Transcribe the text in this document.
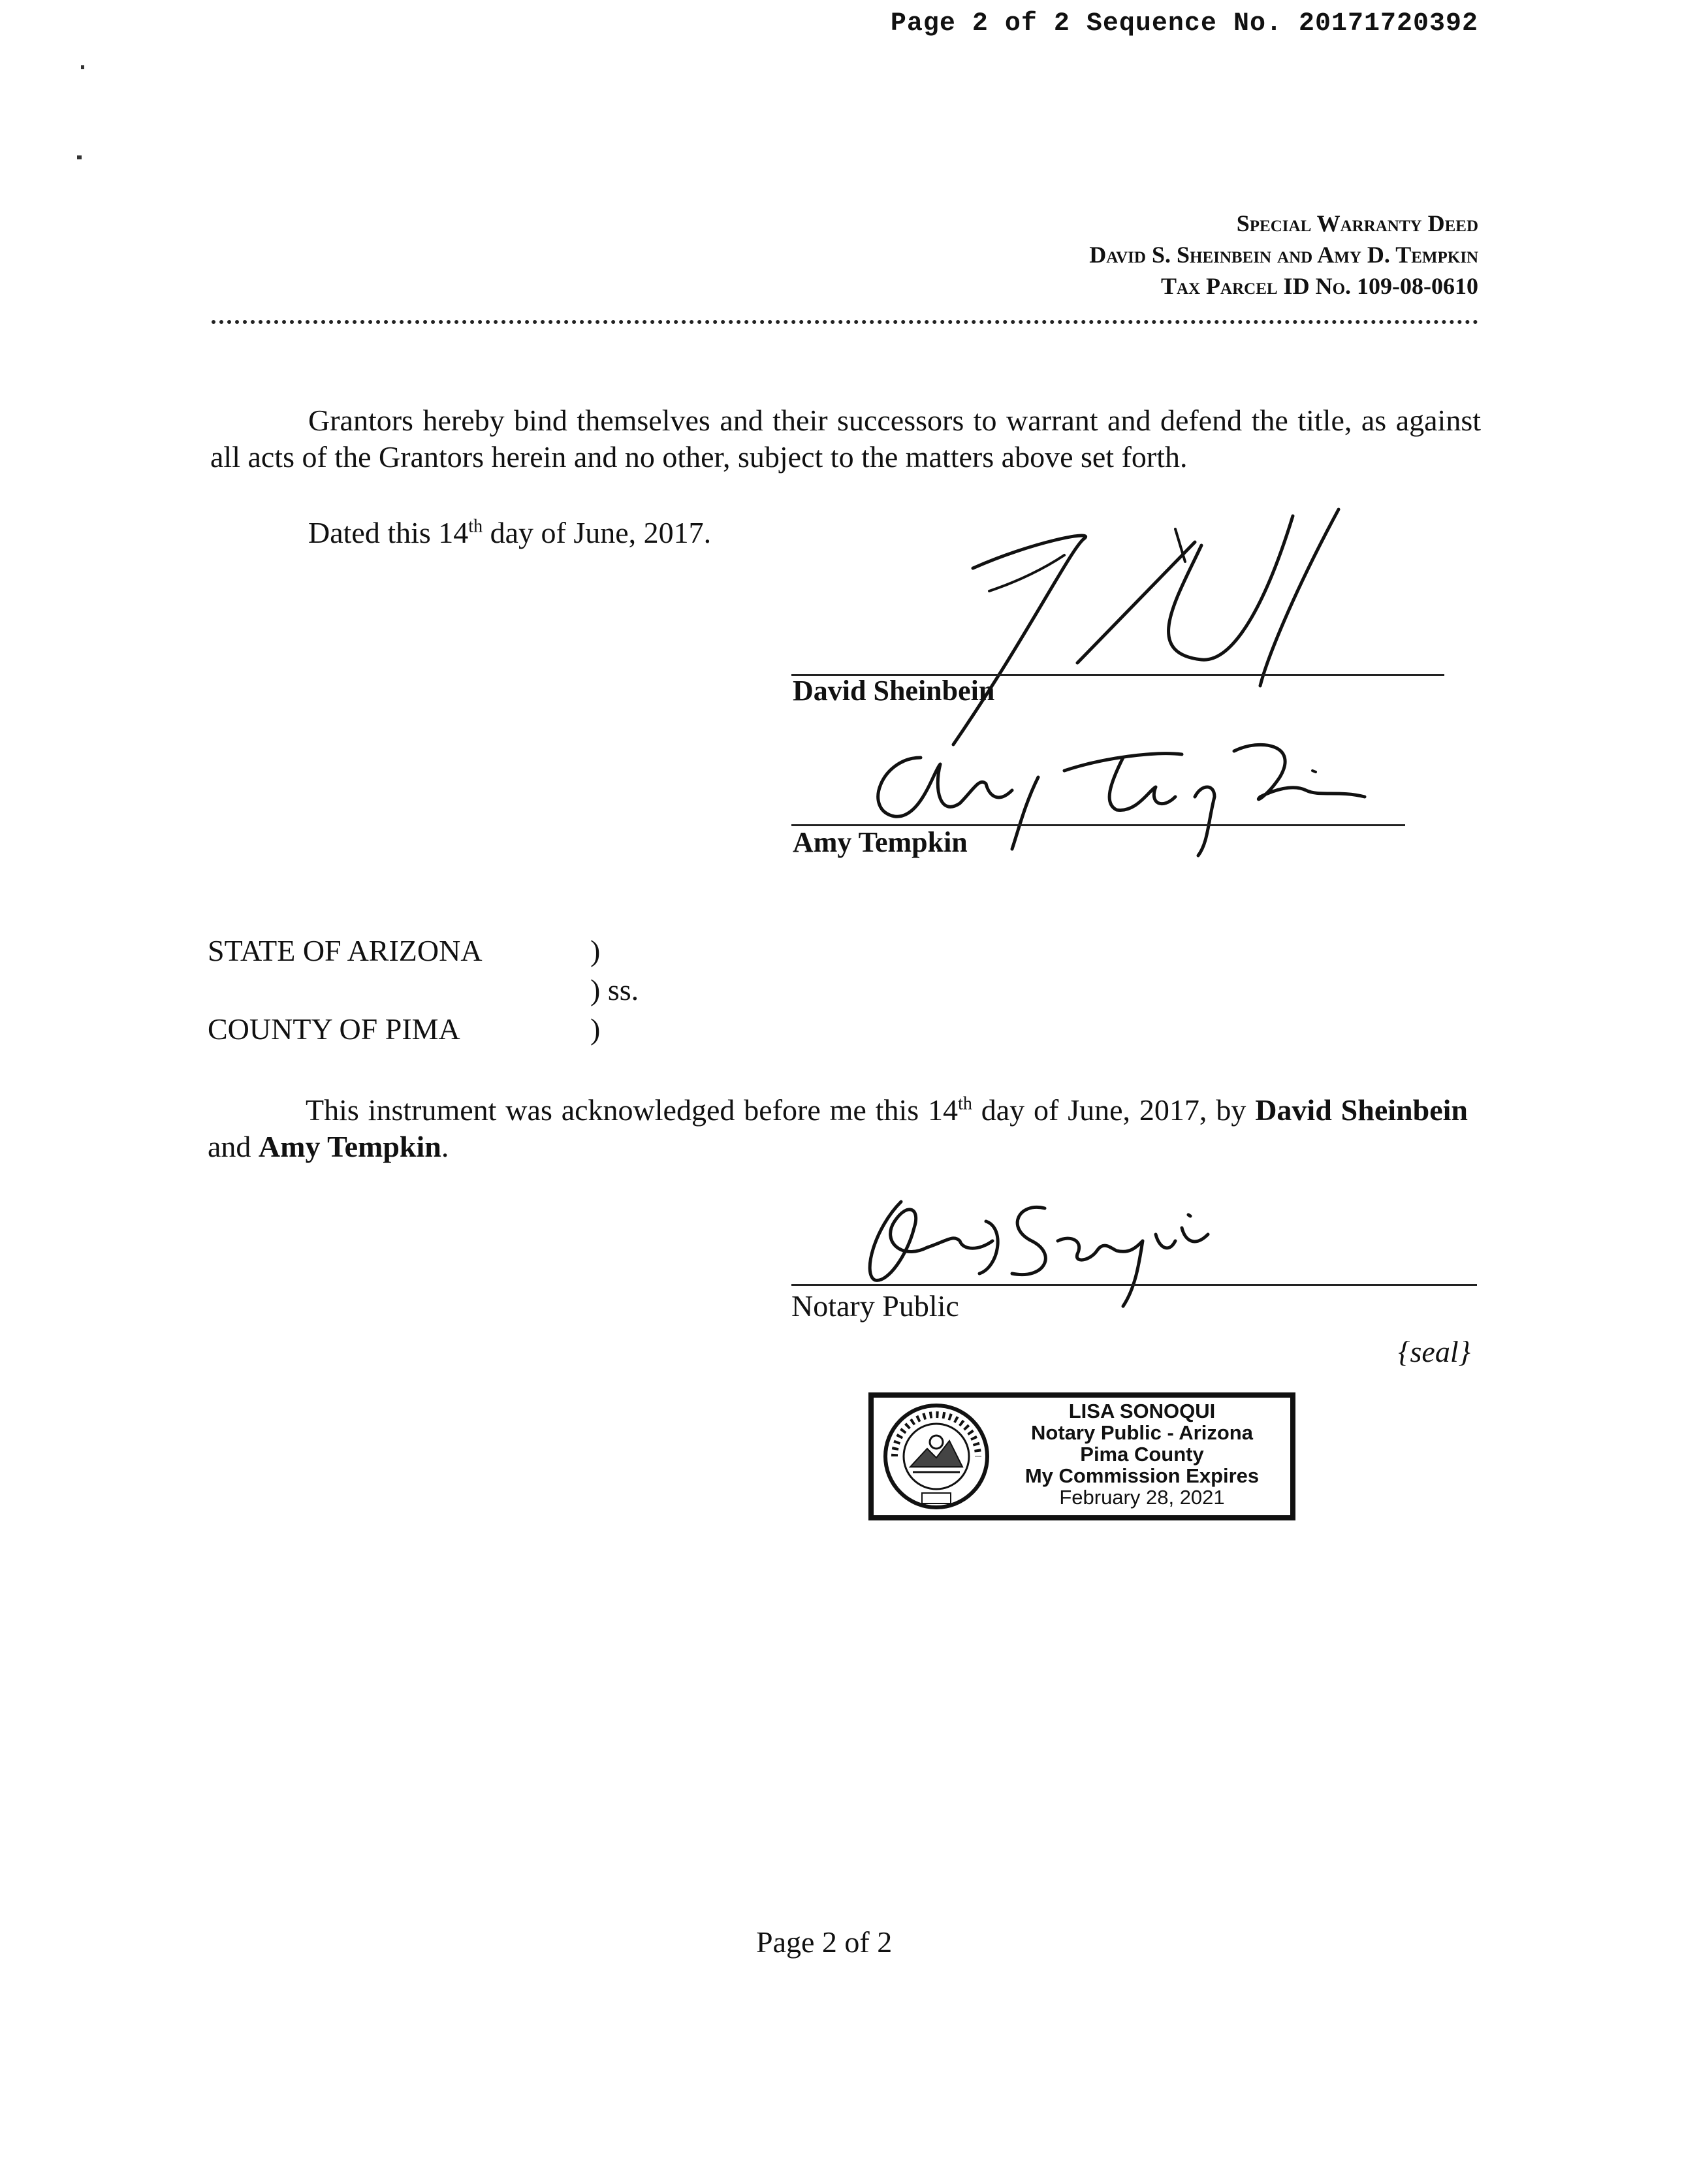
Page 2 of 2 Sequence No. 20171720392
Special Warranty Deed
David S. Sheinbein and Amy D. Tempkin
Tax Parcel ID No. 109-08-0610
Grantors hereby bind themselves and their successors to warrant and defend the title, as against all acts of the Grantors herein and no other, subject to the matters above set forth.
Dated this 14th day of June, 2017.
David Sheinbein
Amy Tempkin
STATE OF ARIZONA	)
) ss.
COUNTY OF PIMA	)
This instrument was acknowledged before me this 14th day of June, 2017, by David Sheinbein and Amy Tempkin.
Notary Public
{seal}
LISA SONOQUI
Notary Public - Arizona
Pima County
My Commission Expires
February 28, 2021
Page 2 of 2
